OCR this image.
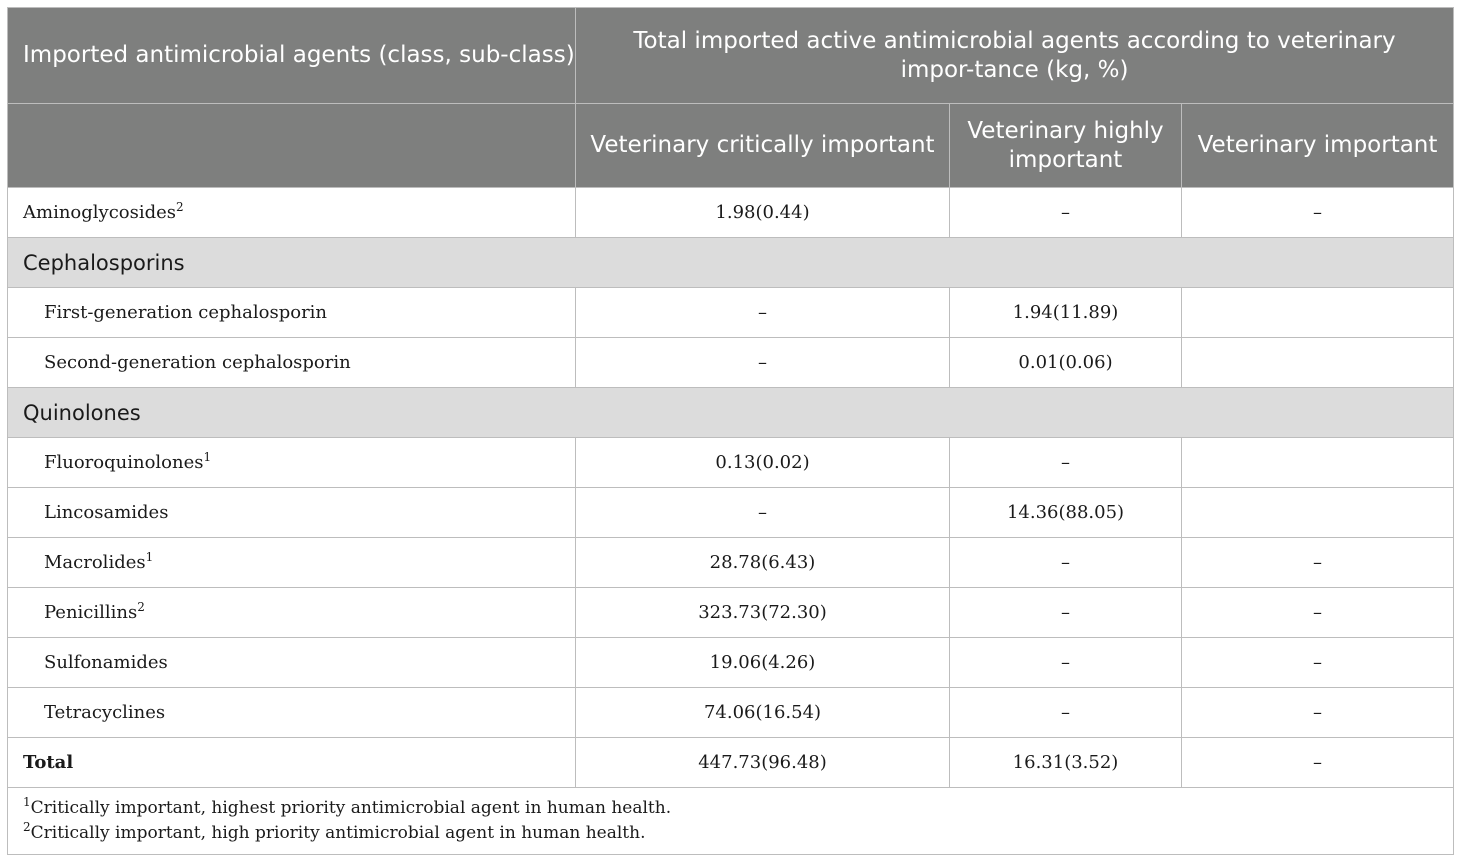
Imported antimicrobial agents (class, sub-class)	Total imported active antimicrobial agents according to veterinary impor-tance (kg, %)		
	Veterinary critically important	Veterinary highly important	Veterinary important
Aminoglycosides$^2$	1.98(0.44)	–	–
Cephalosporins			
First-generation cephalosporin	–	1.94(11.89)	
Second-generation cephalosporin	–	0.01(0.06)	
Quinolones			
Fluoroquinolones$^1$	0.13(0.02)	–	
Lincosamides	–	14.36(88.05)	
Macrolides$^1$	28.78(6.43)	–	–
Penicillins$^2$	323.73(72.30)	–	–
Sulfonamides	19.06(4.26)	–	–
Tetracyclines	74.06(16.54)	–	–
Total	447.73(96.48)	16.31(3.52)	–

$^1$Critically important, highest priority antimicrobial agent in human health.
$^2$Critically important, high priority antimicrobial agent in human health.			
